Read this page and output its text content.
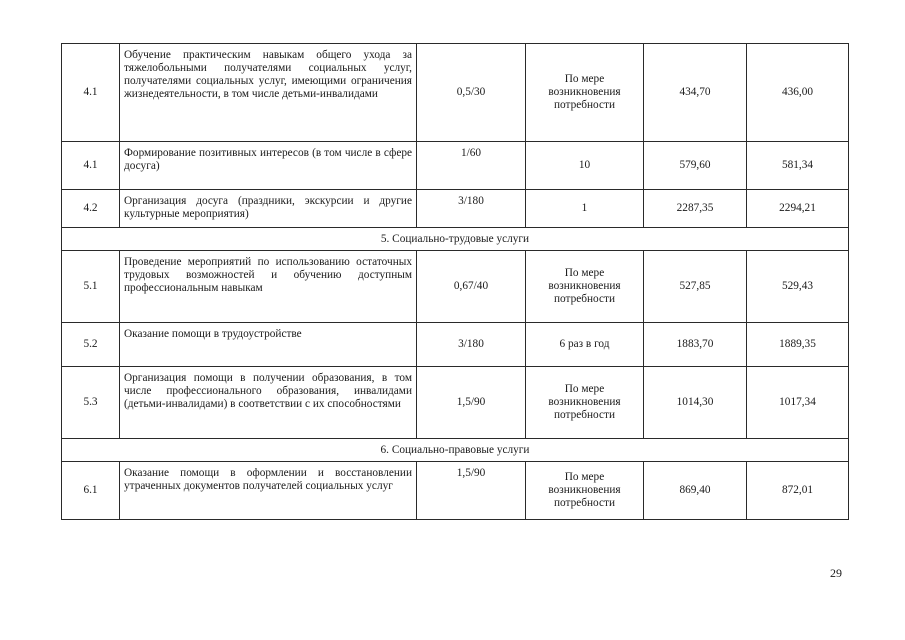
4.1	Обучение практическим навыкам общего ухода за тяжелобольными получателями социальных услуг, получателями социальных услуг, имеющими ограничения жизнедеятельности, в том числе детьми-инвалидами	0,5/30	По мере возникновения потребности	434,70	436,00
4.1	Формирование позитивных интересов (в том числе в сфере досуга)	1/60	10	579,60	581,34
4.2	Организация досуга (праздники, экскурсии и другие культурные мероприятия)	3/180	1	2287,35	2294,21
5. Социально-трудовые услуги					
5.1	Проведение мероприятий по использованию остаточных трудовых возможностей и обучению доступным профессиональным навыкам	0,67/40	По мере возникновения потребности	527,85	529,43
5.2	Оказание помощи в трудоустройстве	3/180	6 раз в год	1883,70	1889,35
5.3	Организация помощи в получении образования, в том числе профессионального образования, инвалидами (детьми-инвалидами) в соответствии с их способностями	1,5/90	По мере возникновения потребности	1014,30	1017,34
6. Социально-правовые услуги					
6.1	Оказание помощи в оформлении и восстановлении утраченных документов получателей социальных услуг	1,5/90	По мере возникновения потребности	869,40	872,01
29
